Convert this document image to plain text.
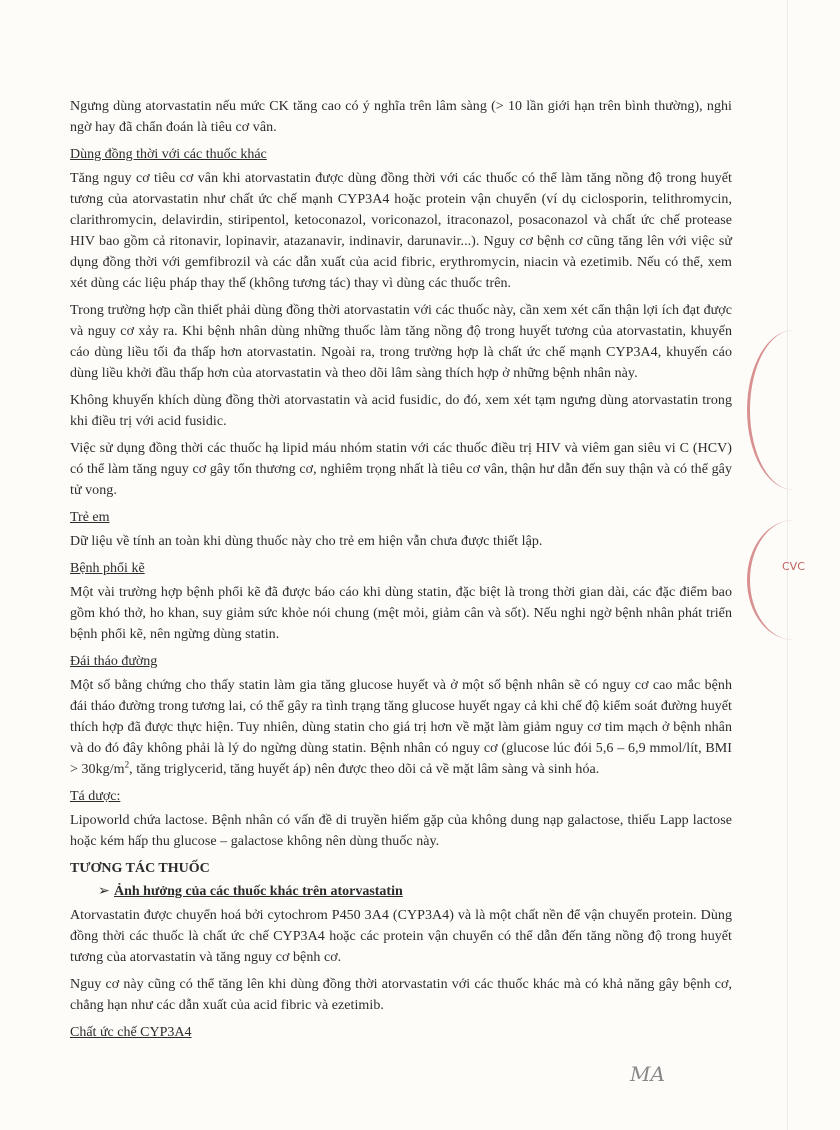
CVC

Ngưng dùng atorvastatin nếu mức CK tăng cao có ý nghĩa trên lâm sàng (> 10 lần giới hạn trên bình thường), nghi ngờ hay đã chẩn đoán là tiêu cơ vân.

Dùng đồng thời với các thuốc khác

Tăng nguy cơ tiêu cơ vân khi atorvastatin được dùng đồng thời với các thuốc có thể làm tăng nồng độ trong huyết tương của atorvastatin như chất ức chế mạnh CYP3A4 hoặc protein vận chuyển (ví dụ ciclosporin, telithromycin, clarithromycin, delavirdin, stiripentol, ketoconazol, voriconazol, itraconazol, posaconazol và chất ức chế protease HIV bao gồm cả ritonavir, lopinavir, atazanavir, indinavir, darunavir...). Nguy cơ bệnh cơ cũng tăng lên với việc sử dụng đồng thời với gemfibrozil và các dẫn xuất của acid fibric, erythromycin, niacin và ezetimib. Nếu có thể, xem xét dùng các liệu pháp thay thế (không tương tác) thay vì dùng các thuốc trên.

Trong trường hợp cần thiết phải dùng đồng thời atorvastatin với các thuốc này, cần xem xét cẩn thận lợi ích đạt được và nguy cơ xảy ra. Khi bệnh nhân dùng những thuốc làm tăng nồng độ trong huyết tương của atorvastatin, khuyến cáo dùng liều tối đa thấp hơn atorvastatin. Ngoài ra, trong trường hợp là chất ức chế mạnh CYP3A4, khuyến cáo dùng liều khởi đầu thấp hơn của atorvastatin và theo dõi lâm sàng thích hợp ở những bệnh nhân này.

Không khuyến khích dùng đồng thời atorvastatin và acid fusidic, do đó, xem xét tạm ngưng dùng atorvastatin trong khi điều trị với acid fusidic.

Việc sử dụng đồng thời các thuốc hạ lipid máu nhóm statin với các thuốc điều trị HIV và viêm gan siêu vi C (HCV) có thể làm tăng nguy cơ gây tổn thương cơ, nghiêm trọng nhất là tiêu cơ vân, thận hư dẫn đến suy thận và có thể gây tử vong.

Trẻ em

Dữ liệu về tính an toàn khi dùng thuốc này cho trẻ em hiện vẫn chưa được thiết lập.

Bệnh phổi kẽ

Một vài trường hợp bệnh phổi kẽ đã được báo cáo khi dùng statin, đặc biệt là trong thời gian dài, các đặc điểm bao gồm khó thở, ho khan, suy giảm sức khỏe nói chung (mệt mỏi, giảm cân và sốt). Nếu nghi ngờ bệnh nhân phát triển bệnh phổi kẽ, nên ngừng dùng statin.

Đái tháo đường

Một số bằng chứng cho thấy statin làm gia tăng glucose huyết và ở một số bệnh nhân sẽ có nguy cơ cao mắc bệnh đái tháo đường trong tương lai, có thể gây ra tình trạng tăng glucose huyết ngay cả khi chế độ kiểm soát đường huyết thích hợp đã được thực hiện. Tuy nhiên, dùng statin cho giá trị hơn về mặt làm giảm nguy cơ tim mạch ở bệnh nhân và do đó đây không phải là lý do ngừng dùng statin. Bệnh nhân có nguy cơ (glucose lúc đói 5,6 – 6,9 mmol/lít, BMI > $30kg/m^2$, tăng triglycerid, tăng huyết áp) nên được theo dõi cả về mặt lâm sàng và sinh hóa.

Tá dược:

Lipoworld chứa lactose. Bệnh nhân có vấn đề di truyền hiếm gặp của không dung nạp galactose, thiếu Lapp lactose hoặc kém hấp thu glucose – galactose không nên dùng thuốc này.

TƯƠNG TÁC THUỐC

➢ Ảnh hưởng của các thuốc khác trên atorvastatin

Atorvastatin được chuyển hoá bởi cytochrom P450 3A4 (CYP3A4) và là một chất nền để vận chuyển protein. Dùng đồng thời các thuốc là chất ức chế CYP3A4 hoặc các protein vận chuyển có thể dẫn đến tăng nồng độ trong huyết tương của atorvastatin và tăng nguy cơ bệnh cơ.

Nguy cơ này cũng có thể tăng lên khi dùng đồng thời atorvastatin với các thuốc khác mà có khả năng gây bệnh cơ, chẳng hạn như các dẫn xuất của acid fibric và ezetimib.

Chất ức chế CYP3A4

MA
